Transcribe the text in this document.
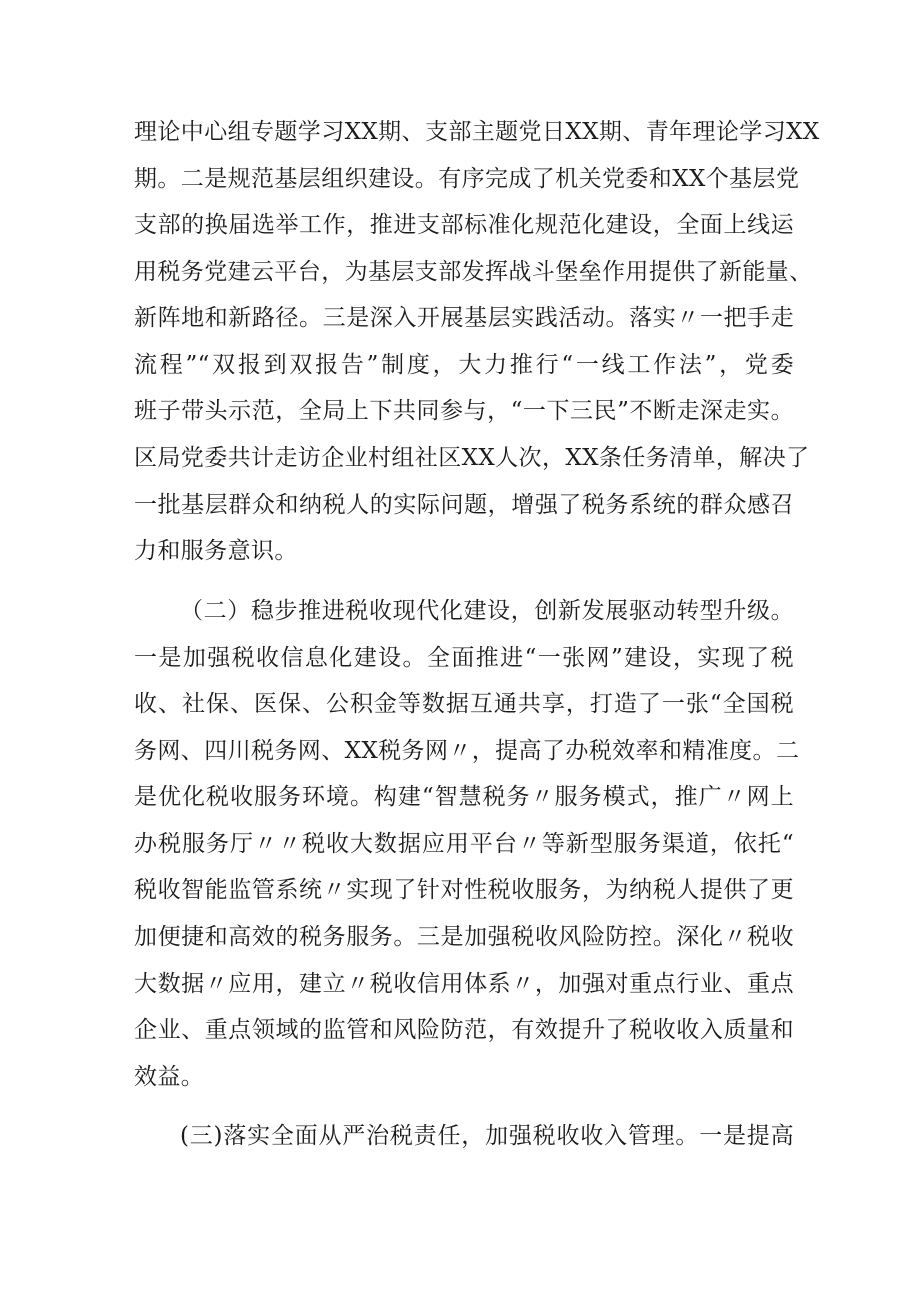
理论中心组专题学习XX期、支部主题党日XX期、青年理论学习XX
期。二是规范基层组织建设。有序完成了机关党委和XX个基层党
支部的换届选举工作，推进支部标准化规范化建设，全面上线运
用税务党建云平台，为基层支部发挥战斗堡垒作用提供了新能量、
新阵地和新路径。三是深入开展基层实践活动。落实〃一把手走
流程”“双报到双报告”制度，大力推行“一线工作法”，党委
班子带头示范，全局上下共同参与，“一下三民”不断走深走实。
区局党委共计走访企业村组社区XX人次，XX条任务清单，解决了
一批基层群众和纳税人的实际问题，增强了税务系统的群众感召
力和服务意识。
（二）稳步推进税收现代化建设，创新发展驱动转型升级。
一是加强税收信息化建设。全面推进“一张网”建设，实现了税
收、社保、医保、公积金等数据互通共享，打造了一张“全国税
务网、四川税务网、XX税务网〃，提高了办税效率和精准度。二
是优化税收服务环境。构建“智慧税务〃服务模式，推广〃网上
办税服务厅〃〃税收大数据应用平台〃等新型服务渠道，依托“
税收智能监管系统〃实现了针对性税收服务，为纳税人提供了更
加便捷和高效的税务服务。三是加强税收风险防控。深化〃税收
大数据〃应用，建立〃税收信用体系〃，加强对重点行业、重点
企业、重点领域的监管和风险防范，有效提升了税收收入质量和
效益。
(三)落实全面从严治税责任，加强税收收入管理。一是提高
